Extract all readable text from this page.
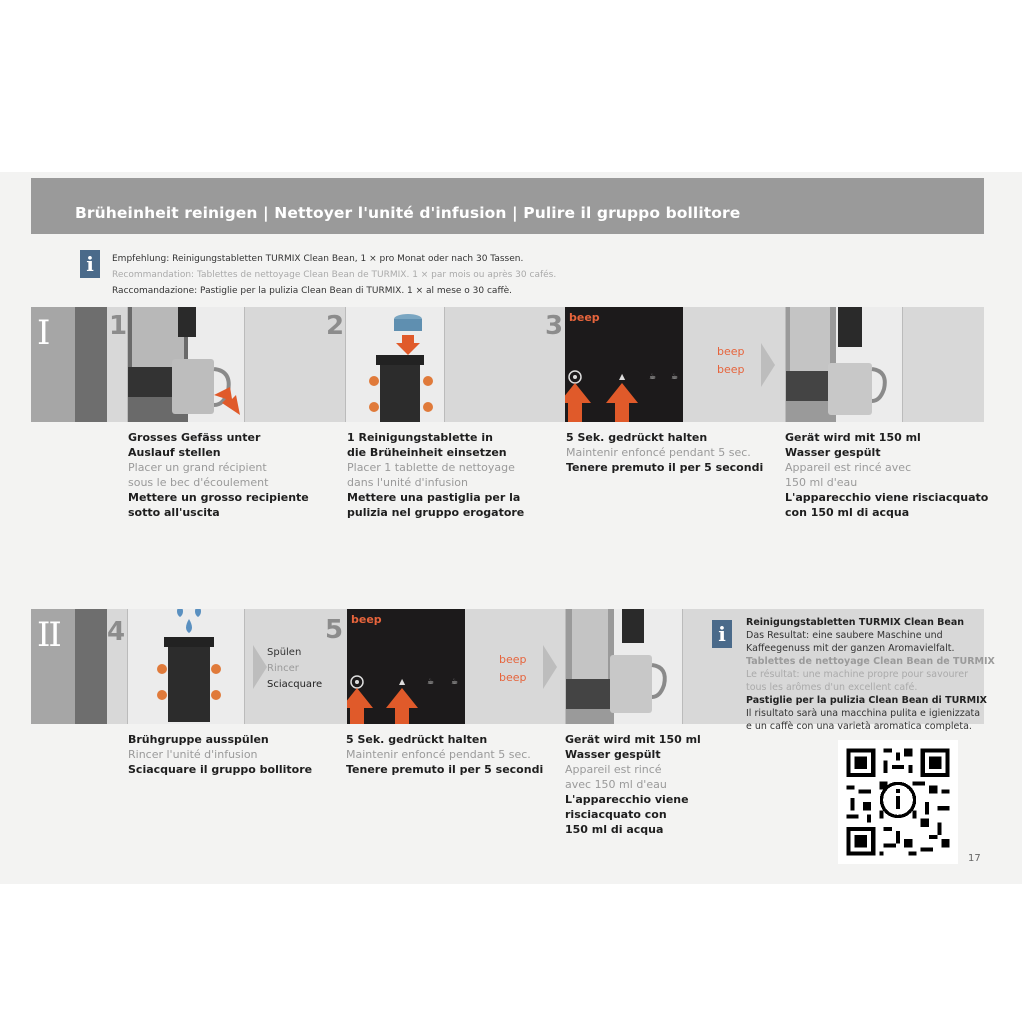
Brüheinheit reinigen | Nettoyer l'unité d'infusion | Pulire il gruppo bollitore
i	Empfehlung: Reinigungstabletten TURMIX Clean Bean, 1 × pro Monat oder nach 30 Tassen.
Recommandation: Tablettes de nettoyage Clean Bean de TURMIX. 1 × par mois ou après 30 cafés.
Raccomandazione: Pastiglie per la pulizia Clean Bean di TURMIX. 1 × al mese o 30 caffè.
I 1	2	3 beep
▲	☕ ☕
beep
beep
Grosses Gefäss unter
Auslauf stellen
Placer un grand récipient
sous le bec d'écoulement
Mettere un grosso recipiente
sotto all'uscita
1 Reinigungstablette in
die Brüheinheit einsetzen
Placer 1 tablette de nettoyage
dans l'unité d'infusion
Mettere una pastiglia per la
pulizia nel gruppo erogatore
5 Sek. gedrückt halten
Maintenir enfoncé pendant 5 sec.
Tenere premuto il per 5 secondi
Gerät wird mit 150 ml
Wasser gespült
Appareil est rincé avec
150 ml d'eau
L'apparecchio viene risciacquato
con 150 ml di acqua
II 4
Spülen
Rincer
Sciacquare
5 beep
▲	☕ ☕
beep
beep
i	Reinigungstabletten TURMIX Clean Bean
Das Resultat: eine saubere Maschine und
Kaffeegenuss mit der ganzen Aromavielfalt.
Tablettes de nettoyage Clean Bean de TURMIX
Le résultat: une machine propre pour savourer
tous les arômes d'un excellent café.
Pastiglie per la pulizia Clean Bean di TURMIX
Il risultato sarà una macchina pulita e igienizzata
e un caffè con una varietà aromatica completa.
Brühgruppe ausspülen
Rincer l'unité d'infusion
Sciacquare il gruppo bollitore
5 Sek. gedrückt halten
Maintenir enfoncé pendant 5 sec.
Tenere premuto il per 5 secondi
Gerät wird mit 150 ml
Wasser gespült
Appareil est rincé
avec 150 ml d'eau
L'apparecchio viene
risciacquato con
150 ml di acqua
17
